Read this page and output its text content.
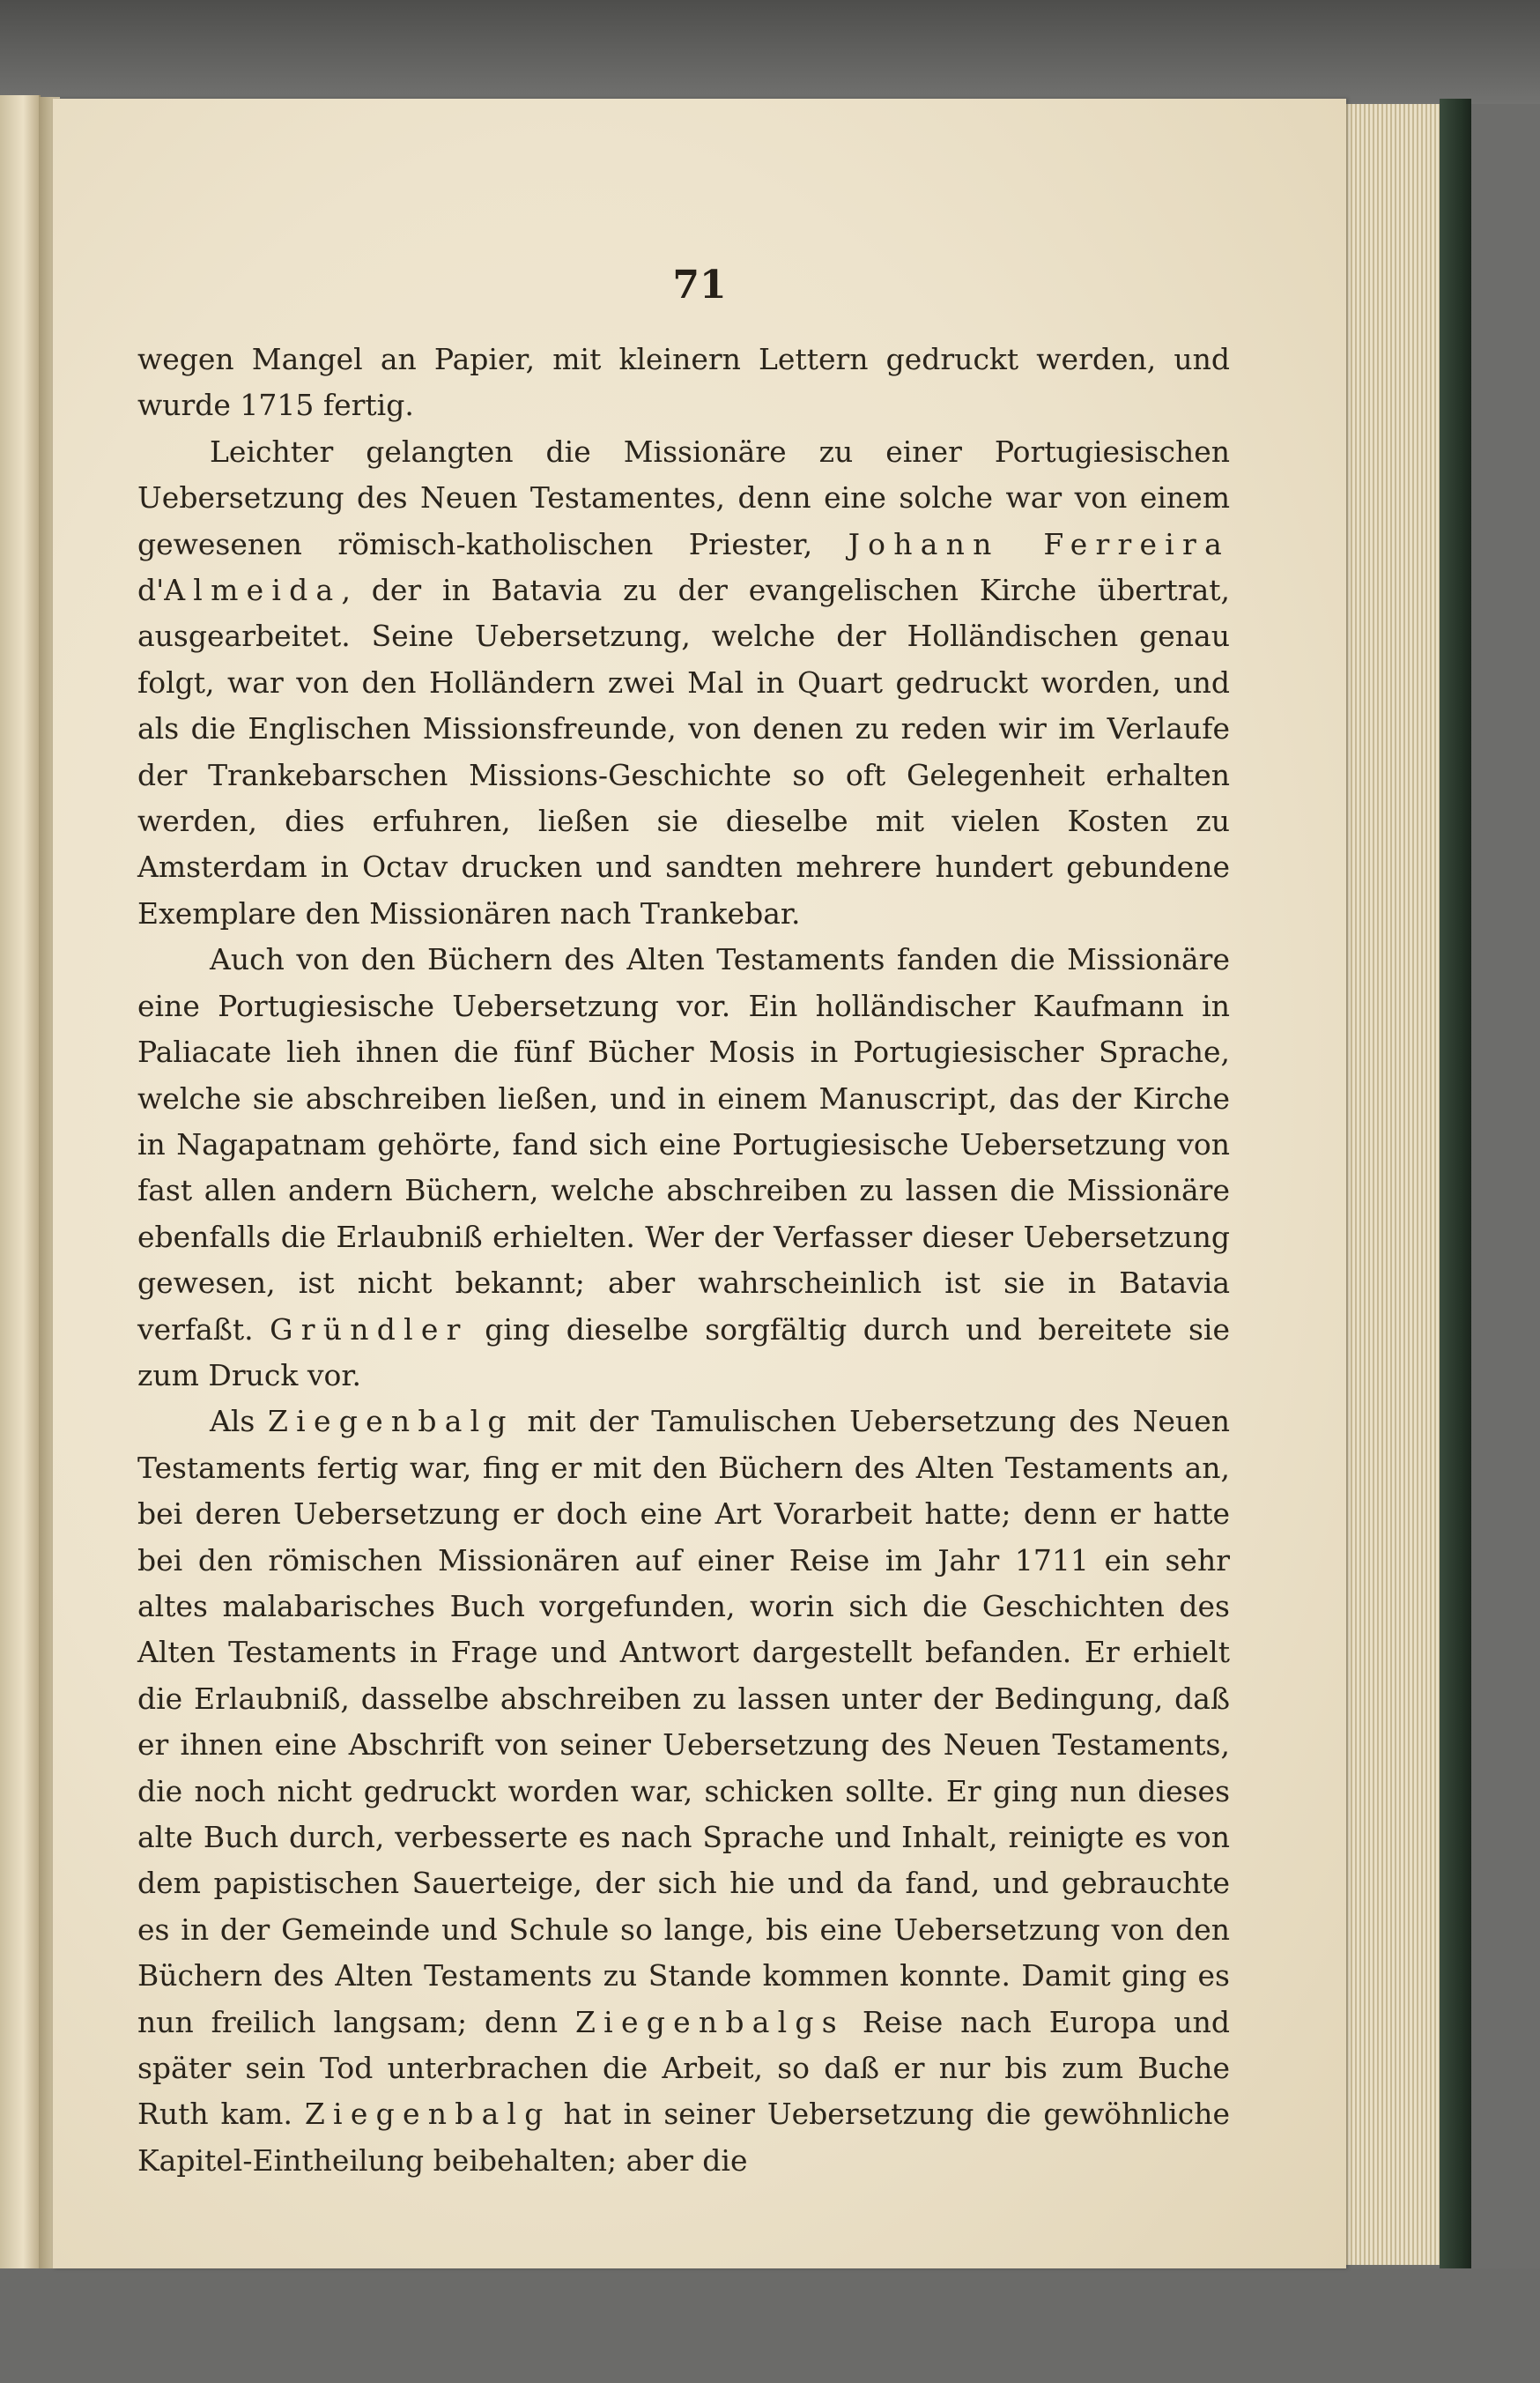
71

wegen Mangel an Papier, mit kleinern Lettern gedruckt werden, und wurde 1715 fertig.

Leichter gelangten die Missionäre zu einer Portugiesischen Uebersetzung des Neuen Testamentes, denn eine solche war von einem gewesenen römisch-katholischen Priester, Johann Ferreira d'Almeida, der in Batavia zu der evangelischen Kirche übertrat, ausgearbeitet. Seine Uebersetzung, welche der Holländischen genau folgt, war von den Holländern zwei Mal in Quart gedruckt worden, und als die Englischen Missionsfreunde, von denen zu reden wir im Verlaufe der Trankebarschen Missions-Geschichte so oft Gelegenheit erhalten werden, dies erfuhren, ließen sie dieselbe mit vielen Kosten zu Amsterdam in Octav drucken und sandten mehrere hundert gebundene Exemplare den Missionären nach Trankebar.

Auch von den Büchern des Alten Testaments fanden die Missionäre eine Portugiesische Uebersetzung vor. Ein holländischer Kaufmann in Paliacate lieh ihnen die fünf Bücher Mosis in Portugiesischer Sprache, welche sie abschreiben ließen, und in einem Manuscript, das der Kirche in Nagapatnam gehörte, fand sich eine Portugiesische Uebersetzung von fast allen andern Büchern, welche abschreiben zu lassen die Missionäre ebenfalls die Erlaubniß erhielten. Wer der Verfasser dieser Uebersetzung gewesen, ist nicht bekannt; aber wahrscheinlich ist sie in Batavia verfaßt. Gründler ging dieselbe sorgfältig durch und bereitete sie zum Druck vor.

Als Ziegenbalg mit der Tamulischen Uebersetzung des Neuen Testaments fertig war, fing er mit den Büchern des Alten Testaments an, bei deren Uebersetzung er doch eine Art Vorarbeit hatte; denn er hatte bei den römischen Missionären auf einer Reise im Jahr 1711 ein sehr altes malabarisches Buch vorgefunden, worin sich die Geschichten des Alten Testaments in Frage und Antwort dargestellt befanden. Er erhielt die Erlaubniß, dasselbe abschreiben zu lassen unter der Bedingung, daß er ihnen eine Abschrift von seiner Uebersetzung des Neuen Testaments, die noch nicht gedruckt worden war, schicken sollte. Er ging nun dieses alte Buch durch, verbesserte es nach Sprache und Inhalt, reinigte es von dem papistischen Sauerteige, der sich hie und da fand, und gebrauchte es in der Gemeinde und Schule so lange, bis eine Uebersetzung von den Büchern des Alten Testaments zu Stande kommen konnte. Damit ging es nun freilich langsam; denn Ziegenbalgs Reise nach Europa und später sein Tod unterbrachen die Arbeit, so daß er nur bis zum Buche Ruth kam. Ziegenbalg hat in seiner Uebersetzung die gewöhnliche Kapitel-Eintheilung beibehalten; aber die
